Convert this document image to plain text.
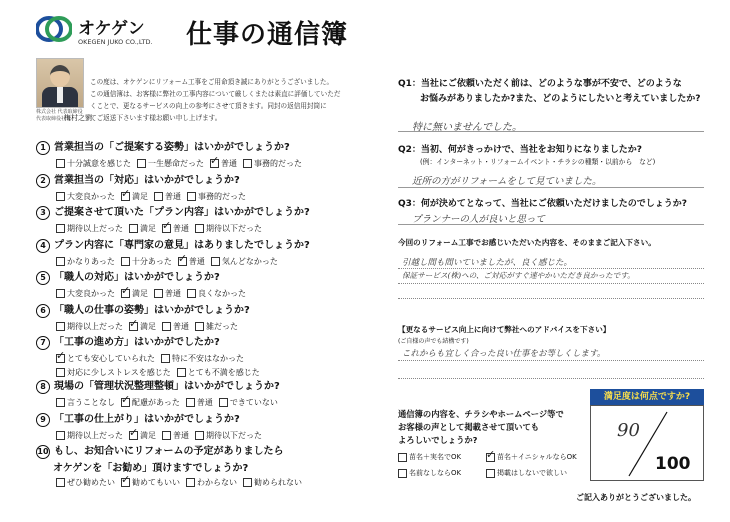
オケゲン
OKEGEN JUKO CO.,LTD. 仕事の通信簿
株式会社 代表取締役
代表取締役社長
梅村之劉
この度は、オケゲンにリフォーム工事をご用命頂き誠にありがとうございました。
この通信簿は、お客様に弊社の工事内容について厳しくまたは素直に評価していただ
くことで、更なるサービスの向上の参考にさせて頂きます。同封の返信用封筒に
てご返送下さいます様お願い申し上げます。
1 営業担当の「ご提案する姿勢」はいかがでしょうか?
十分誠意を感じた 一生懸命だった ✓ 普通 事務的だった
2 営業担当の「対応」はいかがでしょうか?
大変良かった ✓ 満足 普通 事務的だった
3 ご提案させて頂いた「プラン内容」はいかがでしょうか?
期待以上だった 満足 ✓ 普通 期待以下だった
4 プラン内容に「専門家の意見」はありましたでしょうか?
かなりあった 十分あった ✓ 普通 気んどなかった
5 「職人の対応」はいかがでしょうか?
大変良かった ✓ 満足 普通 良くなかった
6 「職人の仕事の姿勢」はいかがでしょうか?
期待以上だった ✓ 満足 普通 雑だった
7 「工事の進め方」はいかがでしたか?
✓
とても安心していられた 特に不安はなかった
対応に少しストレスを感じた とても不満を感じた
8 現場の「管理状況整理整頓」はいかがでしょうか?
言うことなし ✓ 配慮があった 普通 できていない
9 「工事の仕上がり」はいかがでしょうか?
期待以上だった ✓ 満足 普通 期待以下だった
10 もし、お知合いにリフォームの予定がありましたら
オケゲンを「お勧め」頂けますでしょうか?
ぜひ勧めたい ✓ 勧めてもいい わからない 勧められない
Q1：当社にご依頼いただく前は、どのような事が不安で、どのような
お悩みがありましたか?また、どのようにしたいと考えていましたか?
特に無いませんでした。
Q2：当初、何がきっかけで、当社をお知りになりましたか?
(例：インターネット・リフォームイベント・チラシの種類・以前から　など)
近所の方がリフォームをして見ていました。
Q3：何が決めてとなって、当社にご依頼いただけましたのでしょうか?
プランナーの人が良いと思って
今回のリフォーム工事でお感じいただいた内容を、そのままご記入下さい。
引越し間も間いていましたが、良く感じた。
保証サービス(株)への、ご対応がすぐ速やかいただき良かったです。
【更なるサービス向上に向けて弊社へのアドバイスを下さい】
(ご自様の声でも結構です)
これからも宜しく合った良い仕事をお等しくします。
通信簿の内容を、チラシやホームページ等で
お客様の声として掲載させて頂いても
よろしいでしょうか?
苗名＋実名でOK ✓	苗名＋イニシャルならOK
名前なしならOK	掲載はしないで欲しい
満足度は何点ですか?
90
100
ご記入ありがとうございました。
